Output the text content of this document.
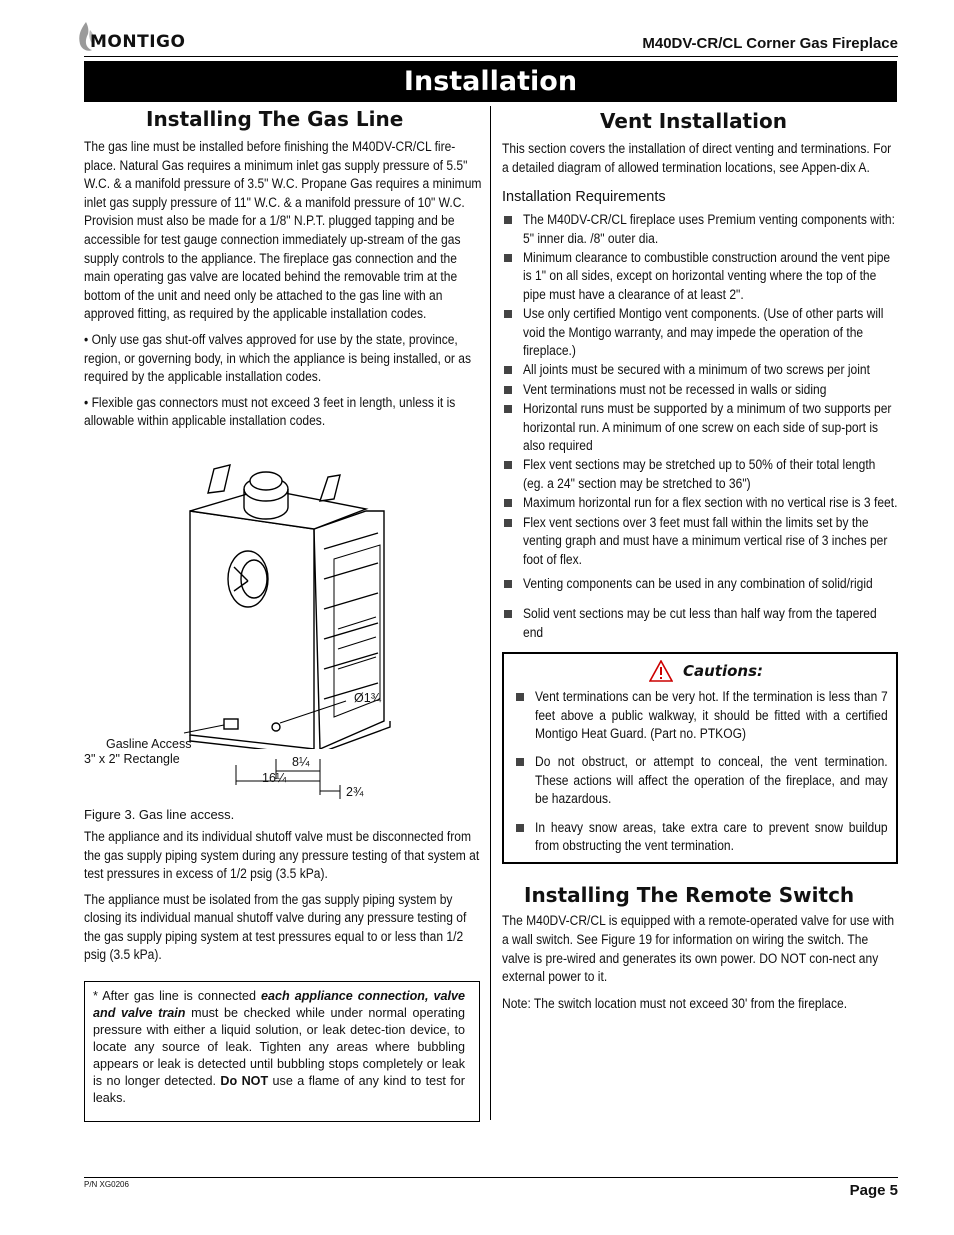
MONTIGO	M40DV-CR/CL Corner Gas Fireplace
Installation
Installing The Gas Line

The gas line must be installed before finishing the M40DV-CR/CL fire-place. Natural Gas requires a minimum inlet gas supply pressure of 5.5" W.C. & a manifold pressure of 3.5" W.C. Propane Gas requires a minimum inlet gas supply pressure of 11" W.C. & a manifold pressure of 10" W.C. Provision must also be made for a 1/8" N.P.T. plugged tapping and be accessible for test gauge connection immediately up-stream of the gas supply controls to the appliance. The fireplace gas connection and the main operating gas valve are located behind the removable trim at the bottom of the unit and need only be attached to the gas line with an approved fitting, as required by the applicable installation codes.

• Only use gas shut-off valves approved for use by the state, province, region, or governing body, in which the appliance is being installed, or as required by the applicable installation codes.

• Flexible gas connectors must not exceed 3 feet in length, unless it is allowable within applicable installation codes.

Gasline Access
3" x 2" Rectangle
Ø1¾
8¼
16¼
2¾
Figure 3. Gas line access.

The appliance and its individual shutoff valve must be disconnected from the gas supply piping system during any pressure testing of that system at test pressures in excess of 1/2 psig (3.5 kPa).

The appliance must be isolated from the gas supply piping system by closing its individual manual shutoff valve during any pressure testing of the gas supply piping system at test pressures equal to or less than 1/2 psig (3.5 kPa).

* After gas line is connected each appliance connection, valve and valve train must be checked while under normal operating pressure with either a liquid solution, or leak detec-tion device, to locate any source of leak. Tighten any areas where bubbling appears or leak is detected until bubbling stops completely or leak is no longer detected. Do NOT use a flame of any kind to test for leaks.
Vent Installation

This section covers the installation of direct venting and terminations. For a detailed diagram of allowed termination locations, see Appen-dix A.

Installation Requirements
The M40DV-CR/CL fireplace uses Premium venting components with:
5" inner dia. /8" outer dia.
Minimum clearance to combustible construction around the vent pipe is 1" on all sides, except on horizontal venting where the top of the pipe must have a clearance of at least 2".
Use only certified Montigo vent components. (Use of other parts will void the Montigo warranty, and may impede the operation of the fireplace.)
All joints must be secured with a minimum of two screws per joint
Vent terminations must not be recessed in walls or siding
Horizontal runs must be supported by a minimum of two supports per horizontal run. A minimum of one screw on each side of sup-port is also required
Flex vent sections may be stretched up to 50% of their total length (eg. a 24" section may be stretched to 36")
Maximum horizontal run for a flex section with no vertical rise is 3 feet.
Flex vent sections over 3 feet must fall within the limits set by the venting graph and must have a minimum vertical rise of 3 inches per foot of flex.
Venting components can be used in any combination of solid/rigid
Solid vent sections may be cut less than half way from the tapered end
Cautions:
Vent terminations can be very hot. If the termination is less than 7 feet above a public walkway, it should be fitted with a certified Montigo Heat Guard. (Part no. PTKOG)
Do not obstruct, or attempt to conceal, the vent termination. These actions will affect the operation of the fireplace, and may be hazardous.
In heavy snow areas, take extra care to prevent snow buildup from obstructing the vent termination.
Installing The Remote Switch

The M40DV-CR/CL is equipped with a remote-operated valve for use with a wall switch. See Figure 19 for information on wiring the switch. The valve is pre-wired and generates its own power. DO NOT con-nect any external power to it.

Note: The switch location must not exceed 30' from the fireplace.

P/N XG0206	Page 5
